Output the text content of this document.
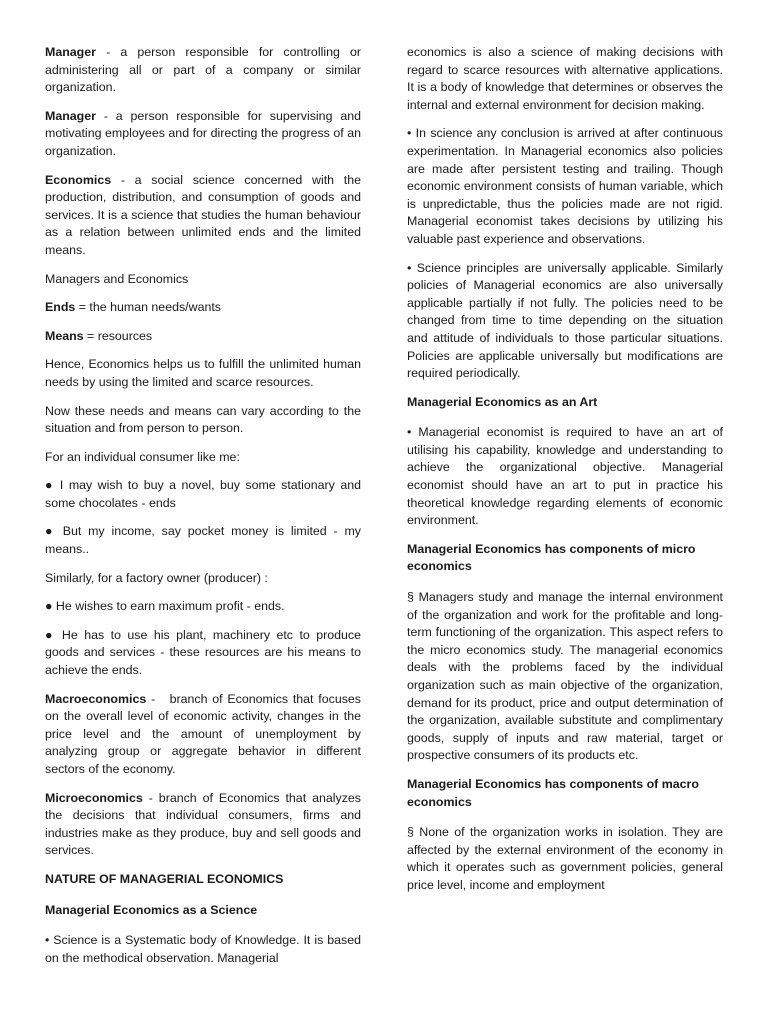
Manager - a person responsible for controlling or administering all or part of a company or similar organization.

Manager - a person responsible for supervising and motivating employees and for directing the progress of an organization.

Economics - a social science concerned with the production, distribution, and consumption of goods and services. It is a science that studies the human behaviour as a relation between unlimited ends and the limited means.

Managers and Economics

Ends = the human needs/wants

Means = resources

Hence, Economics helps us to fulfill the unlimited human needs by using the limited and scarce resources.

Now these needs and means can vary according to the situation and from person to person.

For an individual consumer like me:

● I may wish to buy a novel, buy some stationary and some chocolates - ends

● But my income, say pocket money is limited - my means..

Similarly, for a factory owner (producer) :

● He wishes to earn maximum profit - ends.

● He has to use his plant, machinery etc to produce goods and services - these resources are his means to achieve the ends.

Macroeconomics -   branch of Economics that focuses on the overall level of economic activity, changes in the price level and the amount of unemployment by analyzing group or aggregate behavior in different sectors of the economy.

Microeconomics - branch of Economics that analyzes the decisions that individual consumers, firms and industries make as they produce, buy and sell goods and services.

NATURE OF MANAGERIAL ECONOMICS

Managerial Economics as a Science

• Science is a Systematic body of Knowledge. It is based on the methodical observation. Managerial

economics is also a science of making decisions with regard to scarce resources with alternative applications. It is a body of knowledge that determines or observes the internal and external environment for decision making.

• In science any conclusion is arrived at after continuous experimentation. In Managerial economics also policies are made after persistent testing and trailing. Though economic environment consists of human variable, which is unpredictable, thus the policies made are not rigid. Managerial economist takes decisions by utilizing his valuable past experience and observations.

• Science principles are universally applicable. Similarly policies of Managerial economics are also universally applicable partially if not fully. The policies need to be changed from time to time depending on the situation and attitude of individuals to those particular situations. Policies are applicable universally but modifications are required periodically.

Managerial Economics as an Art

• Managerial economist is required to have an art of utilising his capability, knowledge and understanding to achieve the organizational objective. Managerial economist should have an art to put in practice his theoretical knowledge regarding elements of economic environment.

Managerial Economics has components of micro economics

§ Managers study and manage the internal environment of the organization and work for the profitable and long-term functioning of the organization. This aspect refers to the micro economics study. The managerial economics deals with the problems faced by the individual organization such as main objective of the organization, demand for its product, price and output determination of the organization, available substitute and complimentary goods, supply of inputs and raw material, target or prospective consumers of its products etc.

Managerial Economics has components of macro economics

§ None of the organization works in isolation. They are affected by the external environment of the economy in which it operates such as government policies, general price level, income and employment
